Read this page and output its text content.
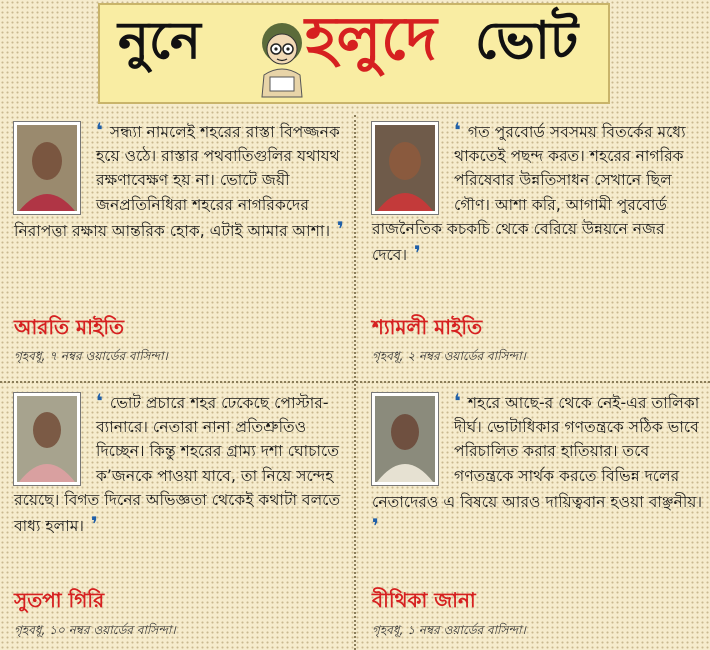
নুনে হলুদে ভোট
❛ সন্ধ্যা নামলেই শহরের রাস্তা বিপজ্জনক হয়ে ওঠে। রাস্তার পথবাতিগুলির যথাযথ রক্ষণাবেক্ষণ হয় না। ভোটে জয়ী জনপ্রতিনিধিরা শহরের নাগরিকদের নিরাপত্তা রক্ষায় আন্তরিক হোক, এটাই আমার আশা। ❜
আরতি মাইতি
গৃহবধূ, ৭ নম্বর ওয়ার্ডের বাসিন্দা।
❛ গত পুরবোর্ড সবসময় বিতর্কের মধ্যে থাকতেই পছন্দ করত। শহরের নাগরিক পরিষেবার উন্নতিসাধন সেখানে ছিল গৌণ। আশা করি, আগামী পুরবোর্ড রাজনৈতিক কচকচি থেকে বেরিয়ে উন্নয়নে নজর দেবে। ❜
শ্যামলী মাইতি
গৃহবধূ, ২ নম্বর ওয়ার্ডের বাসিন্দা।
❛ ভোট প্রচারে শহর ঢেকেছে পোস্টার-ব্যানারে। নেতারা নানা প্রতিশ্রুতিও দিচ্ছেন। কিন্তু শহরের গ্রাম্য দশা ঘোচাতে ক’জনকে পাওয়া যাবে, তা নিয়ে সন্দেহ রয়েছে। বিগত দিনের অভিজ্ঞতা থেকেই কথাটা বলতে বাধ্য হলাম। ❜
সুতপা গিরি
গৃহবধূ, ১০ নম্বর ওয়ার্ডের বাসিন্দা।
❛ শহরে আছে-র থেকে নেই-এর তালিকা দীর্ঘ। ভোটাধিকার গণতন্ত্রকে সঠিক ভাবে পরিচালিত করার হাতিয়ার। তবে গণতন্ত্রকে সার্থক করতে বিভিন্ন দলের নেতাদেরও এ বিষয়ে আরও দায়িত্ববান হওয়া বাঞ্ছনীয়। ❜
বীথিকা জানা
গৃহবধূ, ১ নম্বর ওয়ার্ডের বাসিন্দা।
